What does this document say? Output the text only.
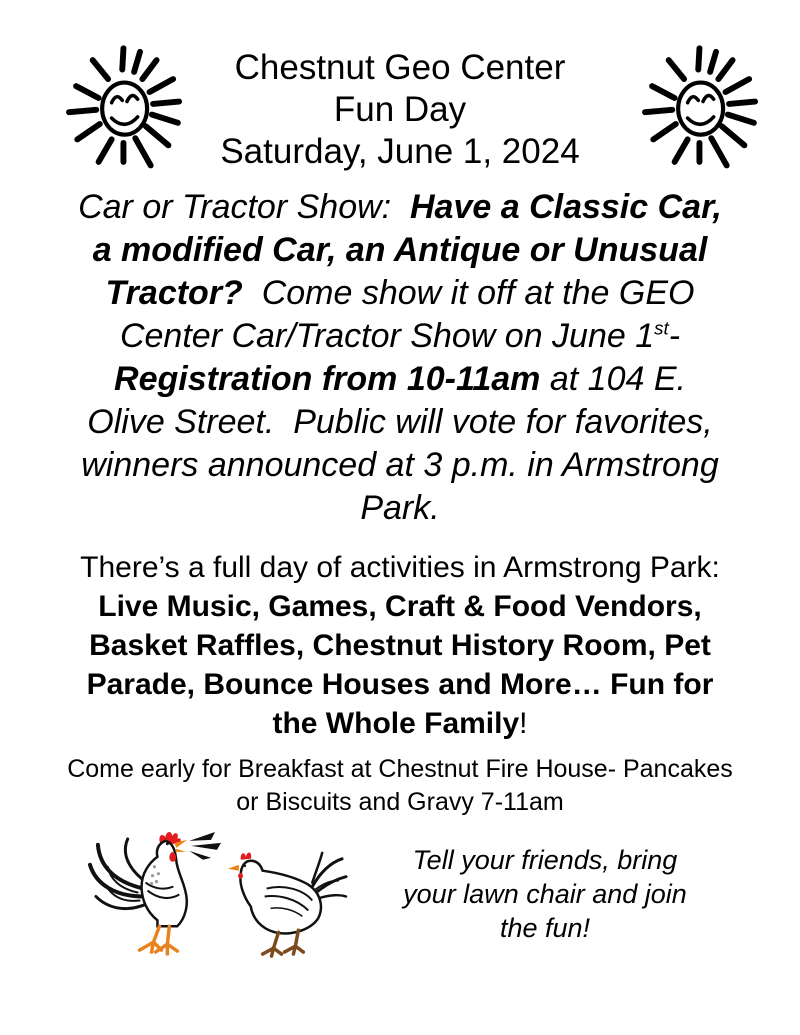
Chestnut Geo Center
Fun Day
Saturday, June 1, 2024

Car or Tractor Show:  Have a Classic Car,
a modified Car, an Antique or Unusual
Tractor?  Come show it off at the GEO
Center Car/Tractor Show on June 1st-
Registration from 10-11am at 104 E.
Olive Street.  Public will vote for favorites,
winners announced at 3 p.m. in Armstrong
Park.

There’s a full day of activities in Armstrong Park:
Live Music, Games, Craft & Food Vendors,
Basket Raffles, Chestnut History Room, Pet
Parade, Bounce Houses and More… Fun for
the Whole Family!

Come early for Breakfast at Chestnut Fire House- Pancakes
or Biscuits and Gravy 7-11am

Tell your friends, bring
your lawn chair and join
the fun!
